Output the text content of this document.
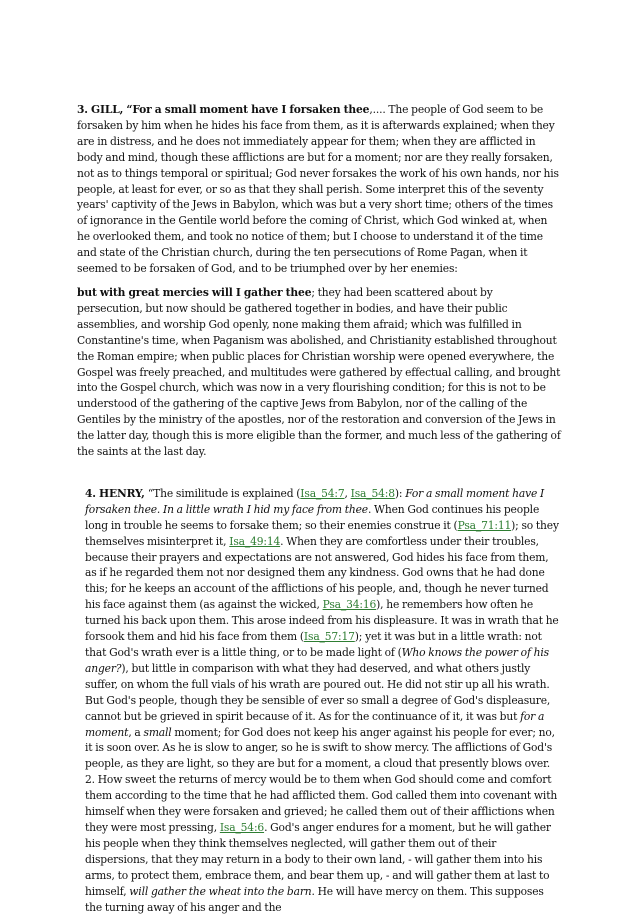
3. GILL, “For a small moment have I forsaken thee,.... The people of God seem to be forsaken by him when he hides his face from them, as it is afterwards explained; when they are in distress, and he does not immediately appear for them; when they are afflicted in body and mind, though these afflictions are but for a moment; nor are they really forsaken, not as to things temporal or spiritual; God never forsakes the work of his own hands, nor his people, at least for ever, or so as that they shall perish. Some interpret this of the seventy years' captivity of the Jews in Babylon, which was but a very short time; others of the times of ignorance in the Gentile world before the coming of Christ, which God winked at, when he overlooked them, and took no notice of them; but I choose to understand it of the time and state of the Christian church, during the ten persecutions of Rome Pagan, when it seemed to be forsaken of God, and to be triumphed over by her enemies:

but with great mercies will I gather thee; they had been scattered about by persecution, but now should be gathered together in bodies, and have their public assemblies, and worship God openly, none making them afraid; which was fulfilled in Constantine's time, when Paganism was abolished, and Christianity established throughout the Roman empire; when public places for Christian worship were opened everywhere, the Gospel was freely preached, and multitudes were gathered by effectual calling, and brought into the Gospel church, which was now in a very flourishing condition; for this is not to be understood of the gathering of the captive Jews from Babylon, nor of the calling of the Gentiles by the ministry of the apostles, nor of the restoration and conversion of the Jews in the latter day, though this is more eligible than the former, and much less of the gathering of the saints at the last day.

4. HENRY, “The similitude is explained (Isa_54:7, Isa_54:8): For a small moment have I forsaken thee. In a little wrath I hid my face from thee. When God continues his people long in trouble he seems to forsake them; so their enemies construe it (Psa_71:11); so they themselves misinterpret it, Isa_49:14. When they are comfortless under their troubles, because their prayers and expectations are not answered, God hides his face from them, as if he regarded them not nor designed them any kindness. God owns that he had done this; for he keeps an account of the afflictions of his people, and, though he never turned his face against them (as against the wicked, Psa_34:16), he remembers how often he turned his back upon them. This arose indeed from his displeasure. It was in wrath that he forsook them and hid his face from them (Isa_57:17); yet it was but in a little wrath: not that God's wrath ever is a little thing, or to be made light of (Who knows the power of his anger?), but little in comparison with what they had deserved, and what others justly suffer, on whom the full vials of his wrath are poured out. He did not stir up all his wrath. But God's people, though they be sensible of ever so small a degree of God's displeasure, cannot but be grieved in spirit because of it. As for the continuance of it, it was but for a moment, a small moment; for God does not keep his anger against his people for ever; no, it is soon over. As he is slow to anger, so he is swift to show mercy. The afflictions of God's people, as they are light, so they are but for a moment, a cloud that presently blows over. 2. How sweet the returns of mercy would be to them when God should come and comfort them according to the time that he had afflicted them. God called them into covenant with himself when they were forsaken and grieved; he called them out of their afflictions when they were most pressing, Isa_54:6. God's anger endures for a moment, but he will gather his people when they think themselves neglected, will gather them out of their dispersions, that they may return in a body to their own land, - will gather them into his arms, to protect them, embrace them, and bear them up, - and will gather them at last to himself, will gather the wheat into the barn. He will have mercy on them. This supposes the turning away of his anger and the
